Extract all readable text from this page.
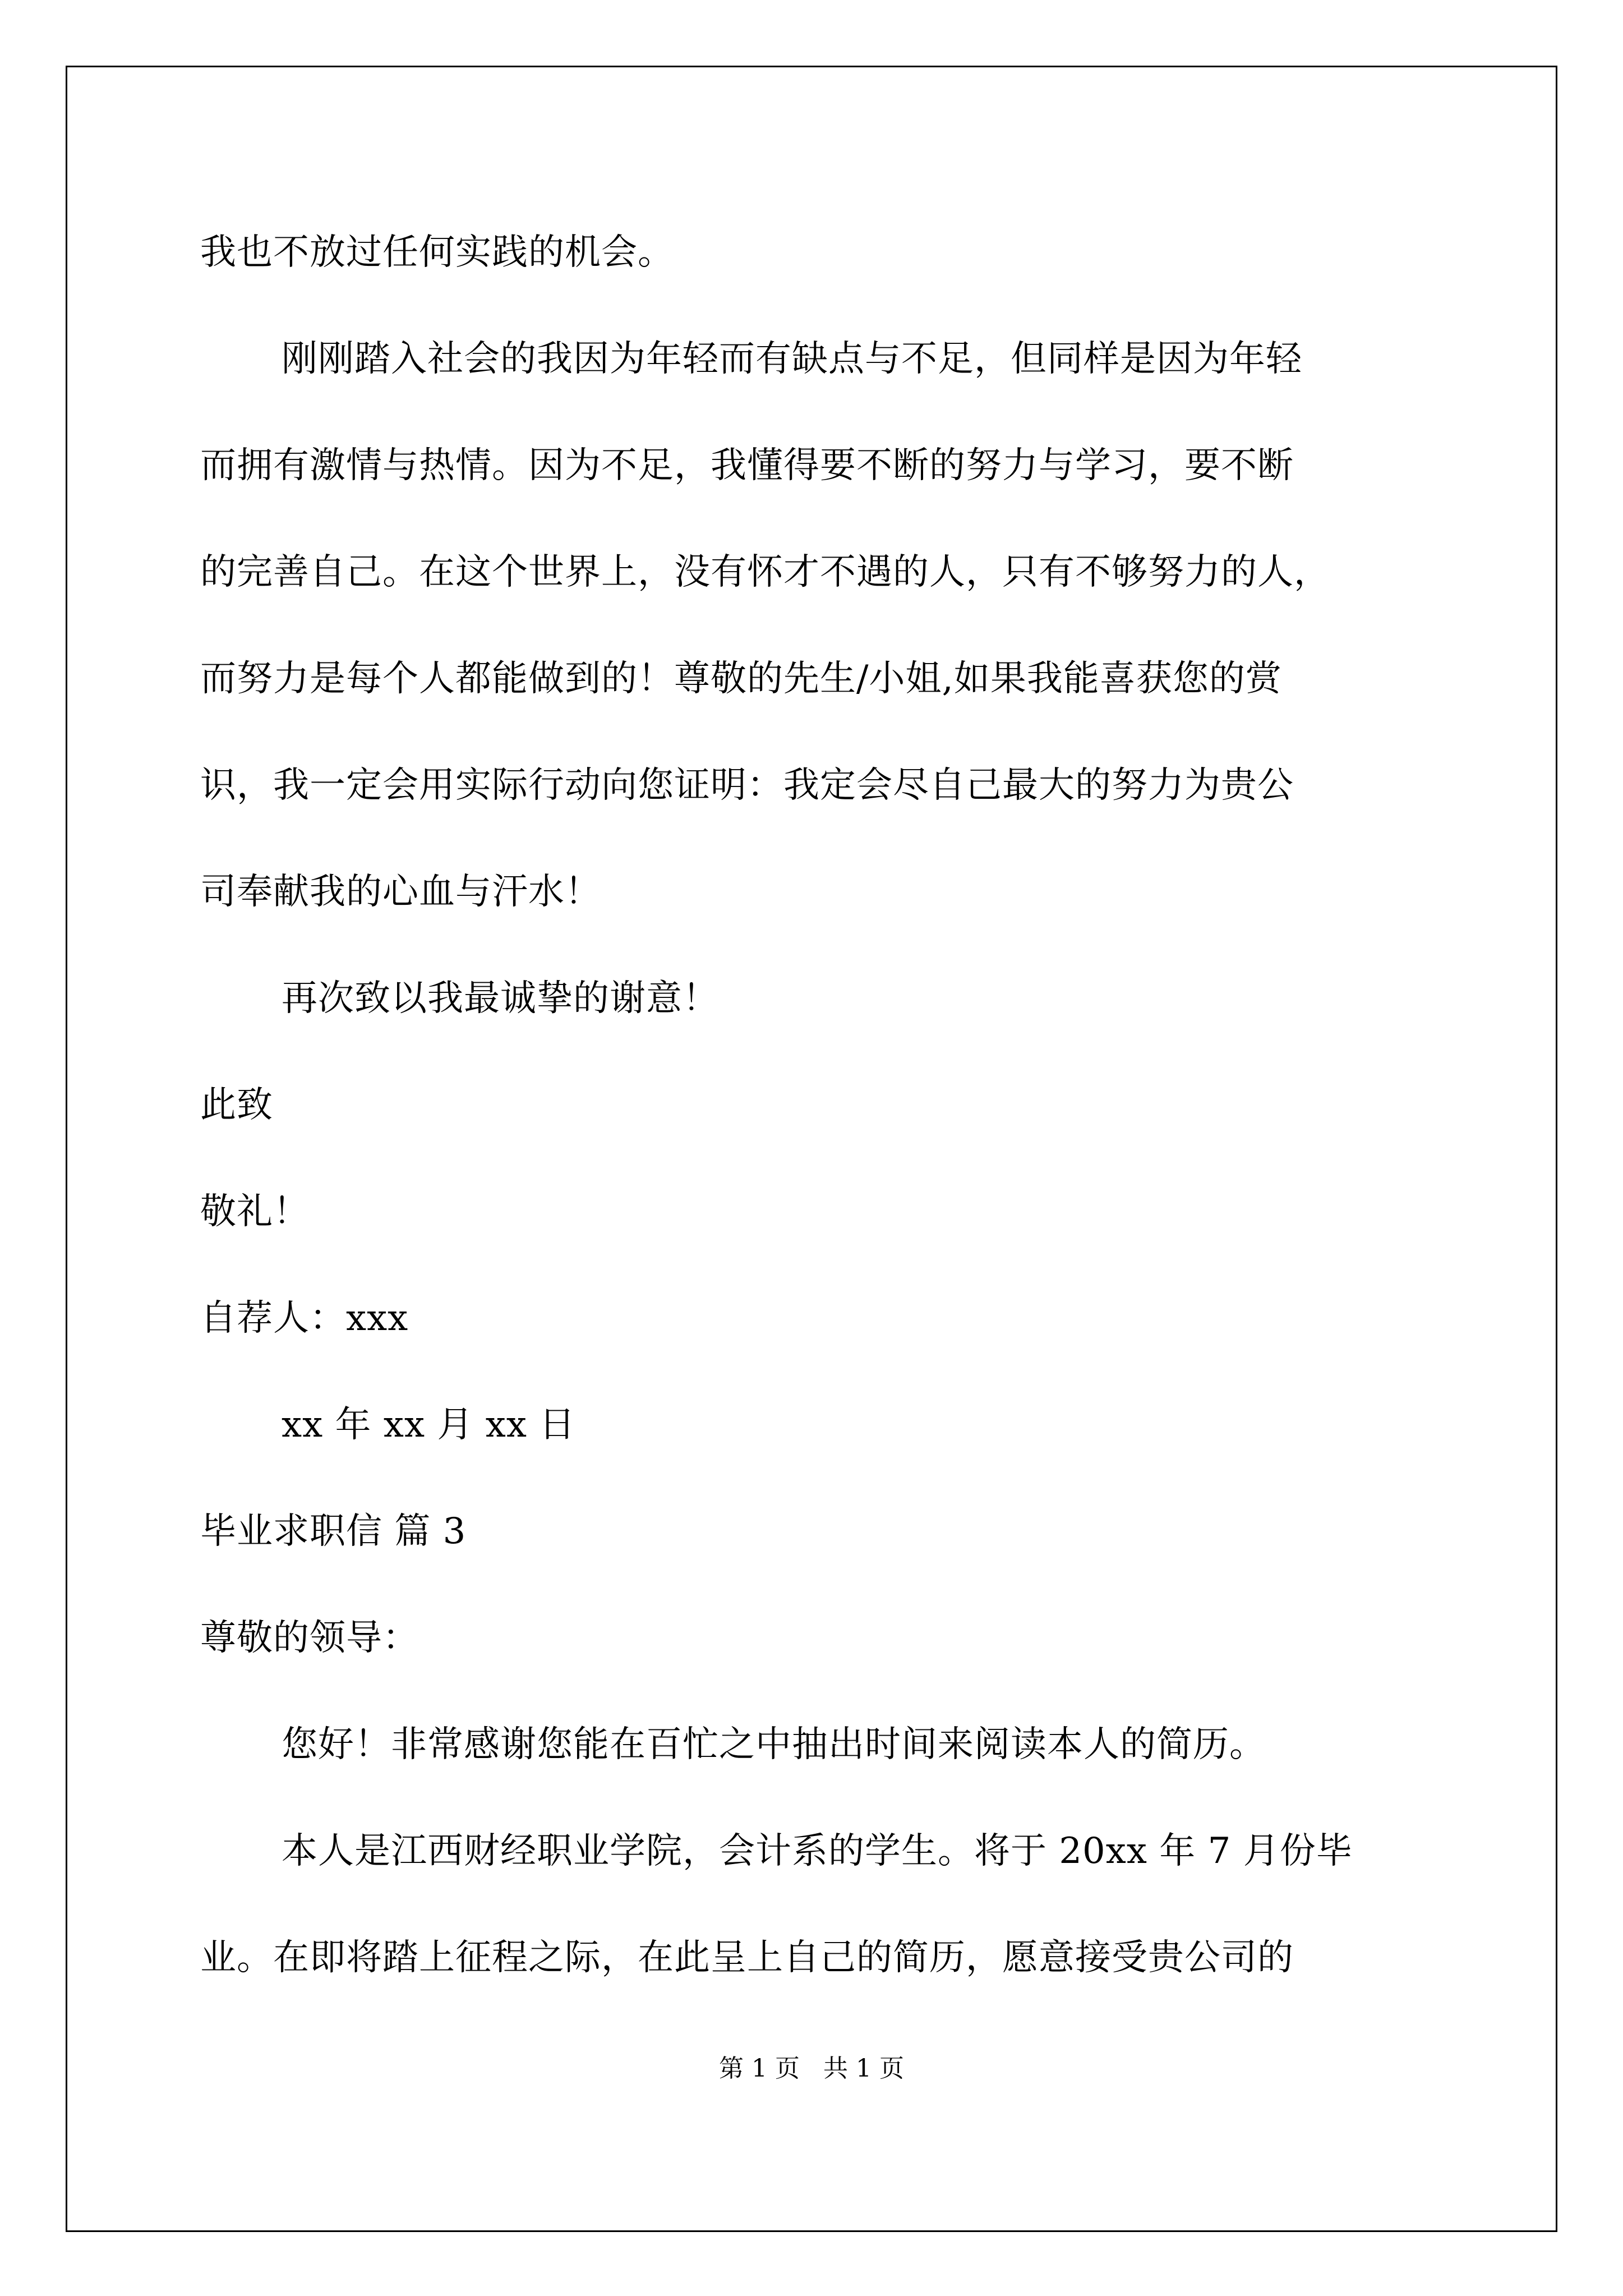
我也不放过任何实践的机会。
刚刚踏入社会的我因为年轻而有缺点与不足，但同样是因为年轻
而拥有激情与热情。因为不足，我懂得要不断的努力与学习，要不断
的完善自己。在这个世界上，没有怀才不遇的人，只有不够努力的人，
而努力是每个人都能做到的！尊敬的先生/小姐,如果我能喜获您的赏
识，我一定会用实际行动向您证明：我定会尽自己最大的努力为贵公
司奉献我的心血与汗水！
再次致以我最诚挚的谢意！
此致
敬礼！
自荐人：xxx
xx 年 xx 月 xx 日
毕业求职信 篇 3
尊敬的领导：
您好！非常感谢您能在百忙之中抽出时间来阅读本人的简历。
本人是江西财经职业学院，会计系的学生。将于 20xx 年 7 月份毕
业。在即将踏上征程之际，在此呈上自己的简历，愿意接受贵公司的
第 1 页   共 1 页
